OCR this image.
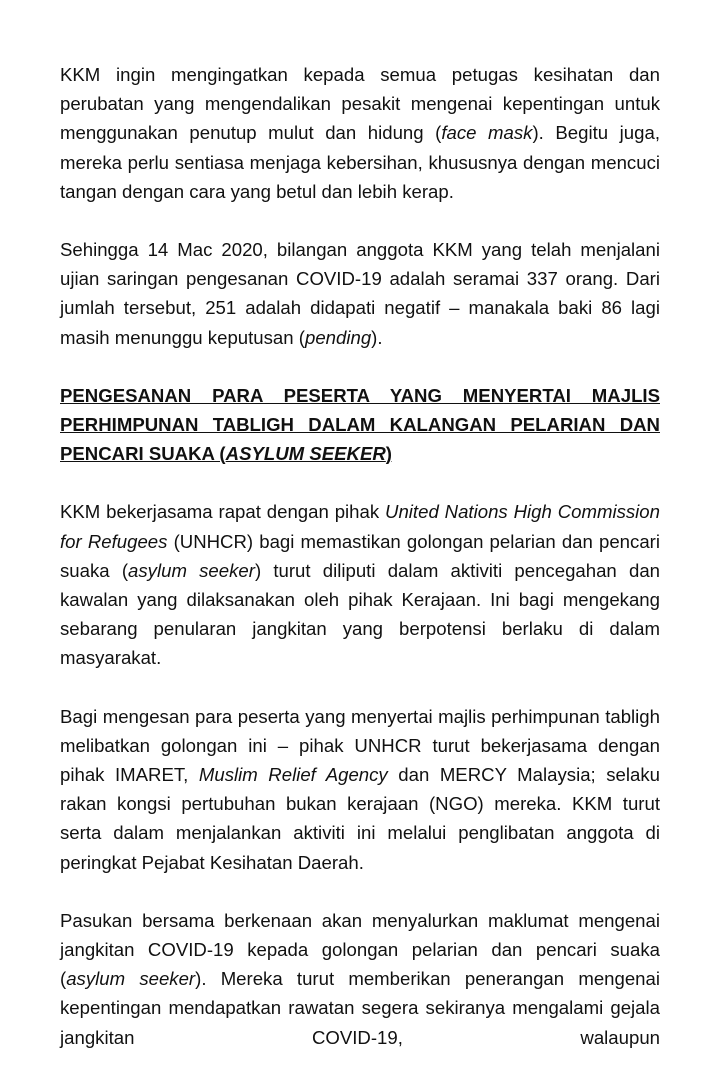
KKM ingin mengingatkan kepada semua petugas kesihatan dan perubatan yang mengendalikan pesakit mengenai kepentingan untuk menggunakan penutup mulut dan hidung (face mask). Begitu juga, mereka perlu sentiasa menjaga kebersihan, khususnya dengan mencuci tangan dengan cara yang betul dan lebih kerap.

Sehingga 14 Mac 2020, bilangan anggota KKM yang telah menjalani ujian saringan pengesanan COVID-19 adalah seramai 337 orang. Dari jumlah tersebut, 251 adalah didapati negatif – manakala baki 86 lagi masih menunggu keputusan (pending).

PENGESANAN PARA PESERTA YANG MENYERTAI MAJLIS PERHIMPUNAN TABLIGH DALAM KALANGAN PELARIAN DAN PENCARI SUAKA (ASYLUM SEEKER)

KKM bekerjasama rapat dengan pihak United Nations High Commission for Refugees (UNHCR) bagi memastikan golongan pelarian dan pencari suaka (asylum seeker) turut diliputi dalam aktiviti pencegahan dan kawalan yang dilaksanakan oleh pihak Kerajaan. Ini bagi mengekang sebarang penularan jangkitan yang berpotensi berlaku di dalam masyarakat.

Bagi mengesan para peserta yang menyertai majlis perhimpunan tabligh melibatkan golongan ini – pihak UNHCR turut bekerjasama dengan pihak IMARET, Muslim Relief Agency dan MERCY Malaysia; selaku rakan kongsi pertubuhan bukan kerajaan (NGO) mereka. KKM turut serta dalam menjalankan aktiviti ini melalui penglibatan anggota di peringkat Pejabat Kesihatan Daerah.

Pasukan bersama berkenaan akan menyalurkan maklumat mengenai jangkitan COVID-19 kepada golongan pelarian dan pencari suaka (asylum seeker). Mereka turut memberikan penerangan mengenai kepentingan mendapatkan rawatan segera sekiranya mengalami gejala jangkitan COVID-19, walaupun
